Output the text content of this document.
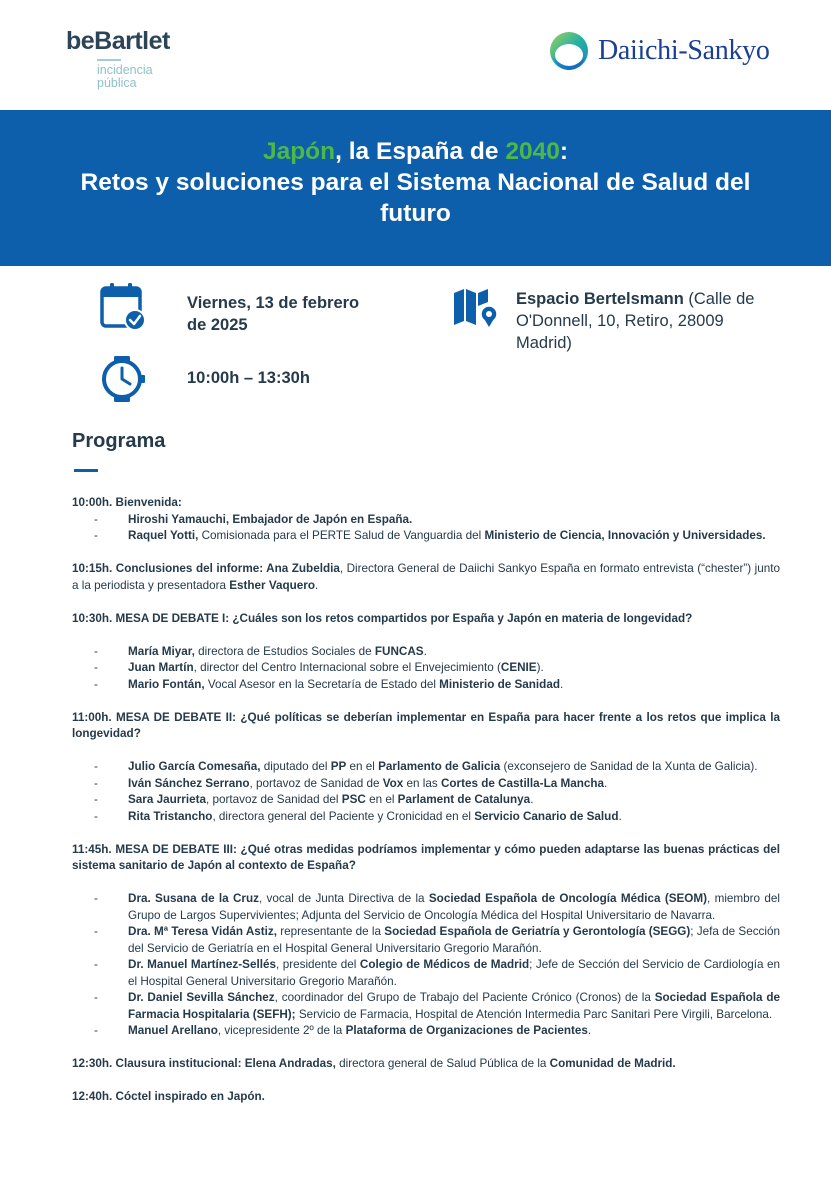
beBartlet
incidencia
pública
Daiichi-Sankyo
Japón, la España de 2040:
Retos y soluciones para el Sistema Nacional de Salud del
futuro
Viernes, 13 de febrero
de 2025
10:00h – 13:30h
Espacio Bertelsmann (Calle de
O'Donnell, 10, Retiro, 28009
Madrid)
Programa

10:00h. Bienvenida:

- Hiroshi Yamauchi, Embajador de Japón en España.
- Raquel Yotti, Comisionada para el PERTE Salud de Vanguardia del Ministerio de Ciencia, Innovación y Universidades.

10:15h. Conclusiones del informe: Ana Zubeldia, Directora General de Daiichi Sankyo España en formato entrevista (“chester”) junto a la periodista y presentadora Esther Vaquero.

10:30h. MESA DE DEBATE I: ¿Cuáles son los retos compartidos por España y Japón en materia de longevidad?

- María Miyar, directora de Estudios Sociales de FUNCAS.
- Juan Martín, director del Centro Internacional sobre el Envejecimiento (CENIE).
- Mario Fontán, Vocal Asesor en la Secretaría de Estado del Ministerio de Sanidad.

11:00h. MESA DE DEBATE II: ¿Qué políticas se deberían implementar en España para hacer frente a los retos que implica la longevidad?

- Julio García Comesaña, diputado del PP en el Parlamento de Galicia (exconsejero de Sanidad de la Xunta de Galicia).
- Iván Sánchez Serrano, portavoz de Sanidad de Vox en las Cortes de Castilla-La Mancha.
- Sara Jaurrieta, portavoz de Sanidad del PSC en el Parlament de Catalunya.
- Rita Tristancho, directora general del Paciente y Cronicidad en el Servicio Canario de Salud.

11:45h. MESA DE DEBATE III: ¿Qué otras medidas podríamos implementar y cómo pueden adaptarse las buenas prácticas del sistema sanitario de Japón al contexto de España?

- Dra. Susana de la Cruz, vocal de Junta Directiva de la Sociedad Española de Oncología Médica (SEOM), miembro del Grupo de Largos Supervivientes; Adjunta del Servicio de Oncología Médica del Hospital Universitario de Navarra.
- Dra. Mª Teresa Vidán Astiz, representante de la Sociedad Española de Geriatría y Gerontología (SEGG); Jefa de Sección del Servicio de Geriatría en el Hospital General Universitario Gregorio Marañón.
- Dr. Manuel Martínez-Sellés, presidente del Colegio de Médicos de Madrid; Jefe de Sección del Servicio de Cardiología en el Hospital General Universitario Gregorio Marañón.
- Dr. Daniel Sevilla Sánchez, coordinador del Grupo de Trabajo del Paciente Crónico (Cronos) de la Sociedad Española de Farmacia Hospitalaria (SEFH); Servicio de Farmacia, Hospital de Atención Intermedia Parc Sanitari Pere Virgili, Barcelona.
- Manuel Arellano, vicepresidente 2º de la Plataforma de Organizaciones de Pacientes.

12:30h. Clausura institucional: Elena Andradas, directora general de Salud Pública de la Comunidad de Madrid.

12:40h. Cóctel inspirado en Japón.
